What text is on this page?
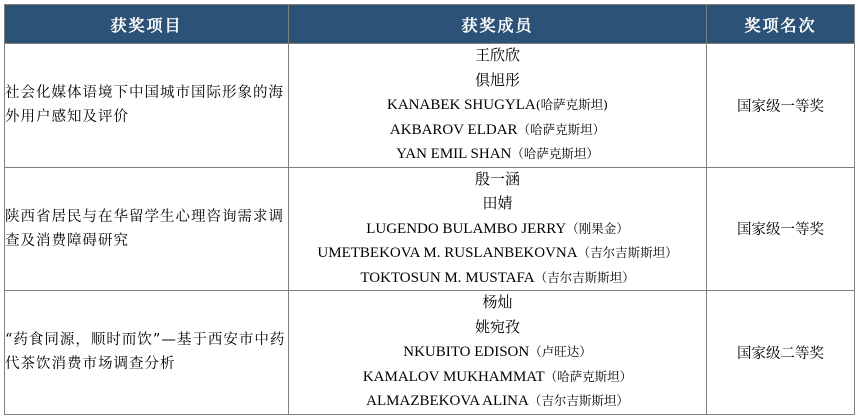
获奖项目	获奖成员	奖项名次
社会化媒体语境下中国城市国际形象的海外用户感知及评价	王欣欣
俱旭彤
KANABEK SHUGYLA(哈萨克斯坦)
AKBAROV ELDAR（哈萨克斯坦）
YAN EMIL SHAN（哈萨克斯坦）	国家级一等奖
陕西省居民与在华留学生心理咨询需求调查及消费障碍研究	殷一涵
田婧
LUGENDO BULAMBO JERRY（刚果金）
UMETBEKOVA M. RUSLANBEKOVNA（吉尔吉斯斯坦）
TOKTOSUN M. MUSTAFA（吉尔吉斯斯坦）	国家级一等奖
“药食同源，顺时而饮”—基于西安市中药代茶饮消费市场调查分析	杨灿
姚宛孜
NKUBITO EDISON（卢旺达）
KAMALOV MUKHAMMAT（哈萨克斯坦）
ALMAZBEKOVA ALINA（吉尔吉斯斯坦）	国家级二等奖
